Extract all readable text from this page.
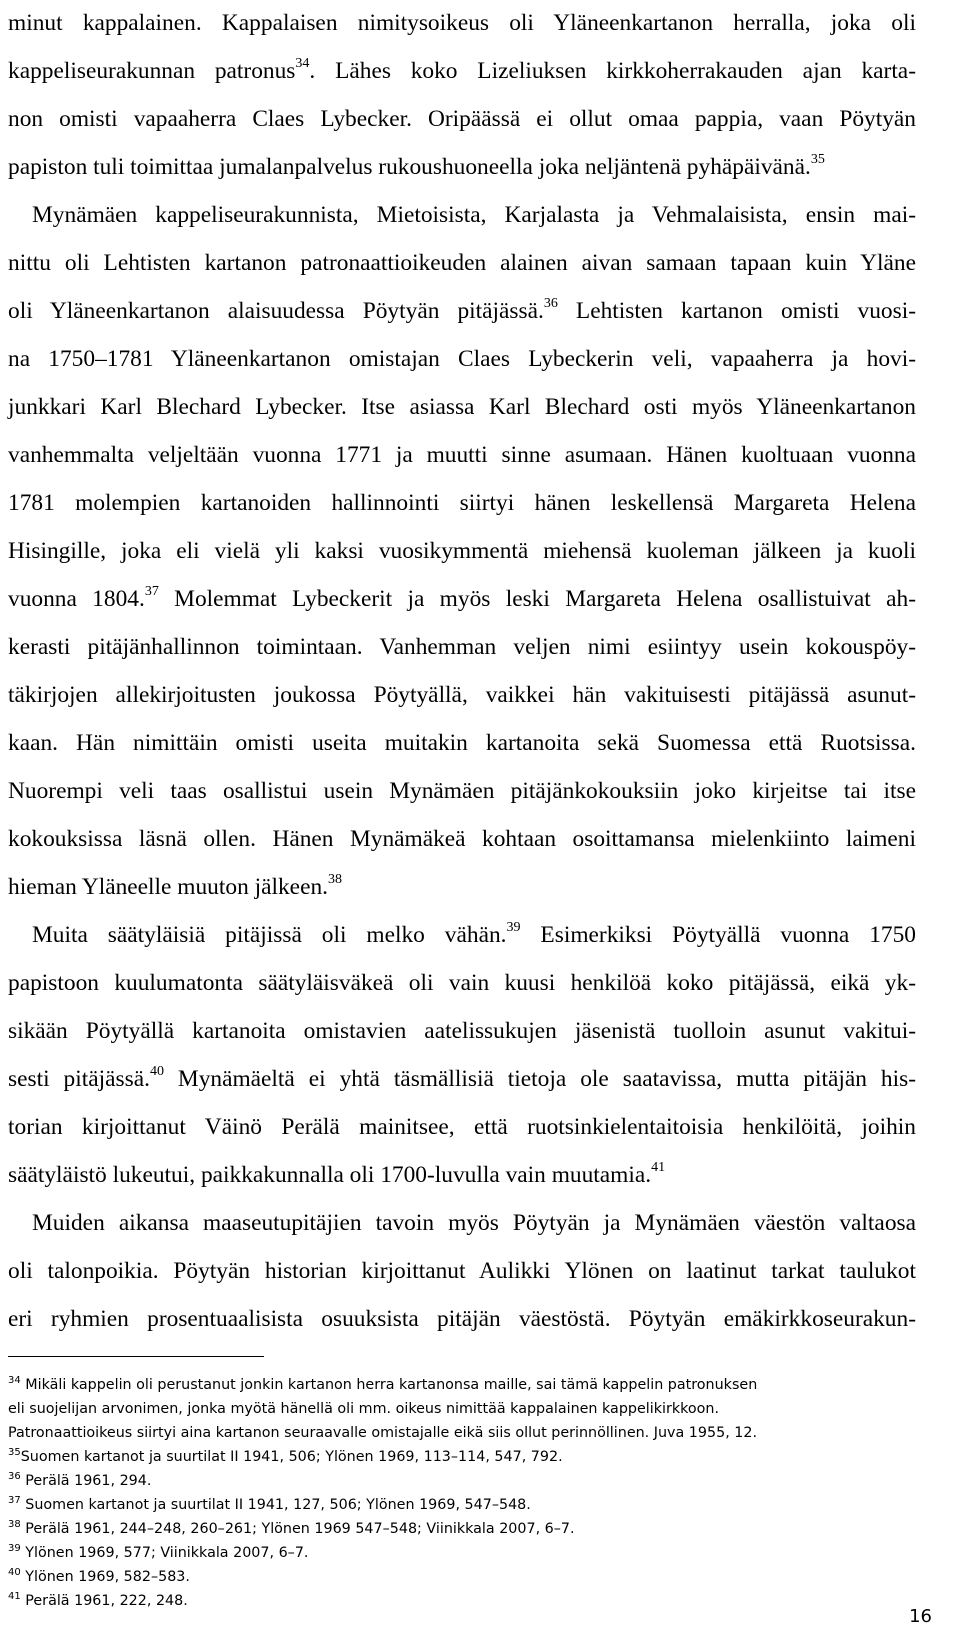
minut kappalainen. Kappalaisen nimitysoikeus oli Yläneenkartanon herralla, joka oli
kappeliseurakunnan patronus$^{34}$. Lähes koko Lizeliuksen kirkkoherrakauden ajan karta-
non omisti vapaaherra Claes Lybecker. Oripäässä ei ollut omaa pappia, vaan Pöytyän
papiston tuli toimittaa jumalanpalvelus rukoushuoneella joka neljäntenä pyhäpäivänä.$^{35}$
Mynämäen kappeliseurakunnista, Mietoisista, Karjalasta ja Vehmalaisista, ensin mai-
nittu oli Lehtisten kartanon patronaattioikeuden alainen aivan samaan tapaan kuin Yläne
oli Yläneenkartanon alaisuudessa Pöytyän pitäjässä.$^{36}$ Lehtisten kartanon omisti vuosi-
na 1750–1781 Yläneenkartanon omistajan Claes Lybeckerin veli, vapaaherra ja hovi-
junkkari Karl Blechard Lybecker. Itse asiassa Karl Blechard osti myös Yläneenkartanon
vanhemmalta veljeltään vuonna 1771 ja muutti sinne asumaan. Hänen kuoltuaan vuonna
1781 molempien kartanoiden hallinnointi siirtyi hänen leskellensä Margareta Helena
Hisingille, joka eli vielä yli kaksi vuosikymmentä miehensä kuoleman jälkeen ja kuoli
vuonna 1804.37 Molemmat Lybeckerit ja myös leski Margareta Helena osallistuivat ah-
kerasti pitäjänhallinnon toimintaan. Vanhemman veljen nimi esiintyy usein kokouspöy-
täkirjojen allekirjoitusten joukossa Pöytyällä, vaikkei hän vakituisesti pitäjässä asunut-
kaan. Hän nimittäin omisti useita muitakin kartanoita sekä Suomessa että Ruotsissa.
Nuorempi veli taas osallistui usein Mynämäen pitäjänkokouksiin joko kirjeitse tai itse
kokouksissa läsnä ollen. Hänen Mynämäkeä kohtaan osoittamansa mielenkiinto laimeni
hieman Yläneelle muuton jälkeen.$^{38}$
Muita säätyläisiä pitäjissä oli melko vähän.$^{39}$ Esimerkiksi Pöytyällä vuonna 1750
papistoon kuulumatonta säätyläisväkeä oli vain kuusi henkilöä koko pitäjässä, eikä yk-
sikään Pöytyällä kartanoita omistavien aatelissukujen jäsenistä tuolloin asunut vakitui-
sesti pitäjässä.$^{40}$ Mynämäeltä ei yhtä täsmällisiä tietoja ole saatavissa, mutta pitäjän his-
torian kirjoittanut Väinö Perälä mainitsee, että ruotsinkielentaitoisia henkilöitä, joihin
säätyläistö lukeutui, paikkakunnalla oli 1700-luvulla vain muutamia.$^{41}$
Muiden aikansa maaseutupitäjien tavoin myös Pöytyän ja Mynämäen väestön valtaosa
oli talonpoikia. Pöytyän historian kirjoittanut Aulikki Ylönen on laatinut tarkat taulukot
eri ryhmien prosentuaalisista osuuksista pitäjän väestöstä. Pöytyän emäkirkkoseurakun-
$^{34}$ Mikäli kappelin oli perustanut jonkin kartanon herra kartanonsa maille, sai tämä kappelin patronuksen
eli suojelijan arvonimen, jonka myötä hänellä oli mm. oikeus nimittää kappalainen kappelikirkkoon.
Patronaattioikeus siirtyi aina kartanon seuraavalle omistajalle eikä siis ollut perinnöllinen. Juva 1955, 12.
$^{35}$Suomen kartanot ja suurtilat II 1941, 506; Ylönen 1969, 113–114, 547, 792.
$^{36}$ Perälä 1961, 294.
$^{37}$ Suomen kartanot ja suurtilat II 1941, 127, 506; Ylönen 1969, 547–548.
$^{38}$ Perälä 1961, 244–248, 260–261; Ylönen 1969 547–548; Viinikkala 2007, 6–7.
$^{39}$ Ylönen 1969, 577; Viinikkala 2007, 6–7.
$^{40}$ Ylönen 1969, 582–583.
$^{41}$ Perälä 1961, 222, 248.
16
